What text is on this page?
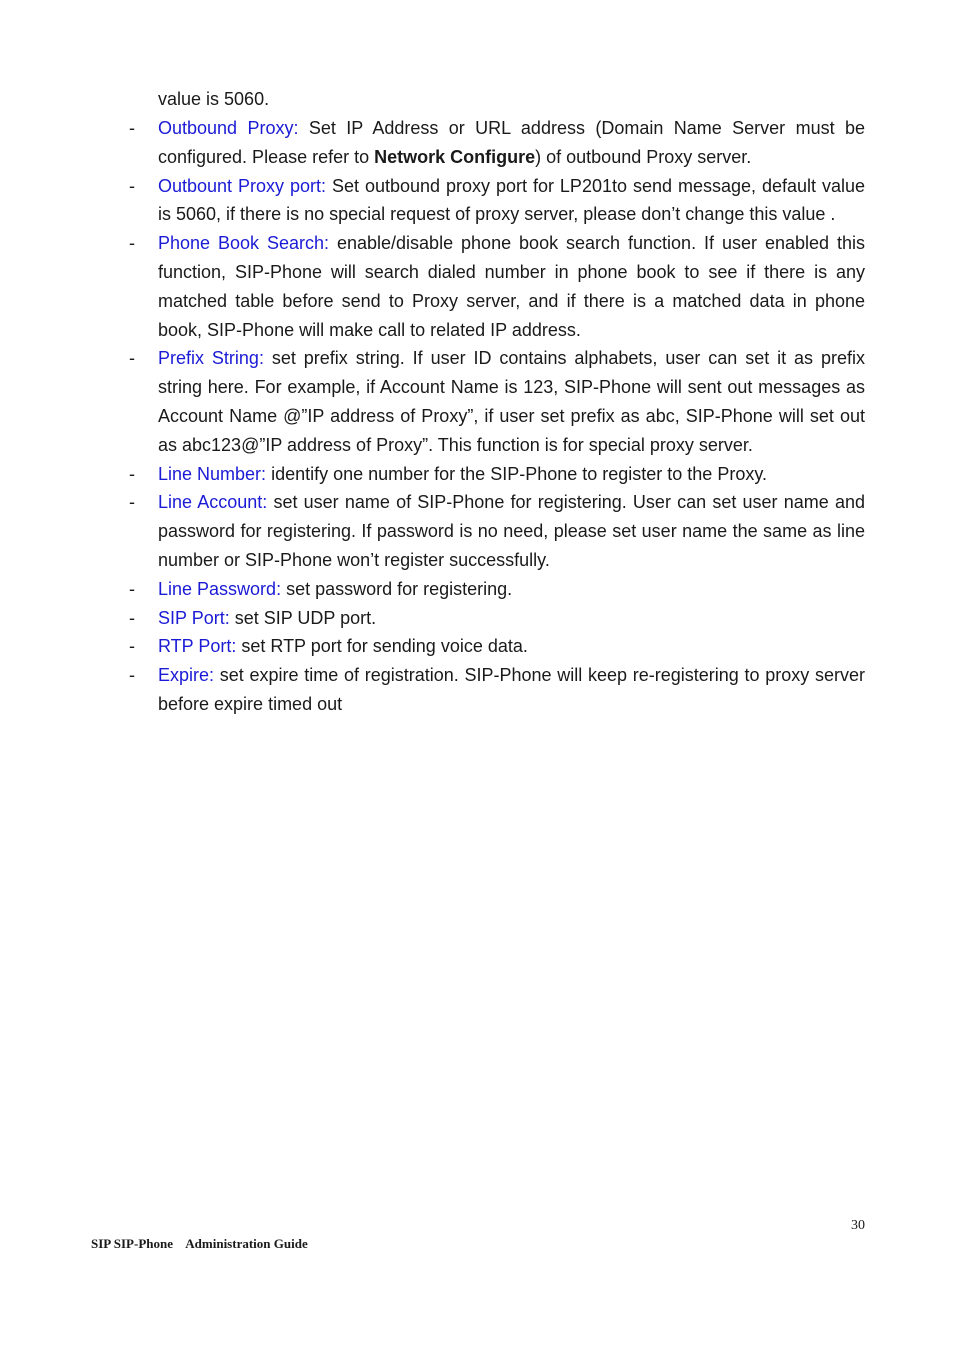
value is 5060.
-	Outbound Proxy: Set IP Address or URL address (Domain Name Server must be configured. Please refer to Network Configure) of outbound Proxy server.
-	Outbount Proxy port: Set outbound proxy port for LP201to send message, default value is 5060, if there is no special request of proxy server, please don’t change this value .
-	Phone Book Search: enable/disable phone book search function. If user enabled this function, SIP-Phone will search dialed number in phone book to see if there is any matched table before send to Proxy server, and if there is a matched data in phone book, SIP-Phone will make call to related IP address.
-	Prefix String: set prefix string. If user ID contains alphabets, user can set it as prefix string here. For example, if Account Name is 123, SIP-Phone will sent out messages as Account Name @”IP address of Proxy”, if user set prefix as abc, SIP-Phone will set out as abc123@”IP address of Proxy”. This function is for special proxy server.
-	Line Number: identify one number for the SIP-Phone to register to the Proxy.
-	Line Account: set user name of SIP-Phone for registering. User can set user name and password for registering. If password is no need, please set user name the same as line number or SIP-Phone won’t register successfully.
-	Line Password: set password for registering.
-	SIP Port: set SIP UDP port.
-	RTP Port: set RTP port for sending voice data.
-	Expire: set expire time of registration. SIP-Phone will keep re-registering to proxy server before expire timed out
30
SIP SIP-Phone    Administration Guide
